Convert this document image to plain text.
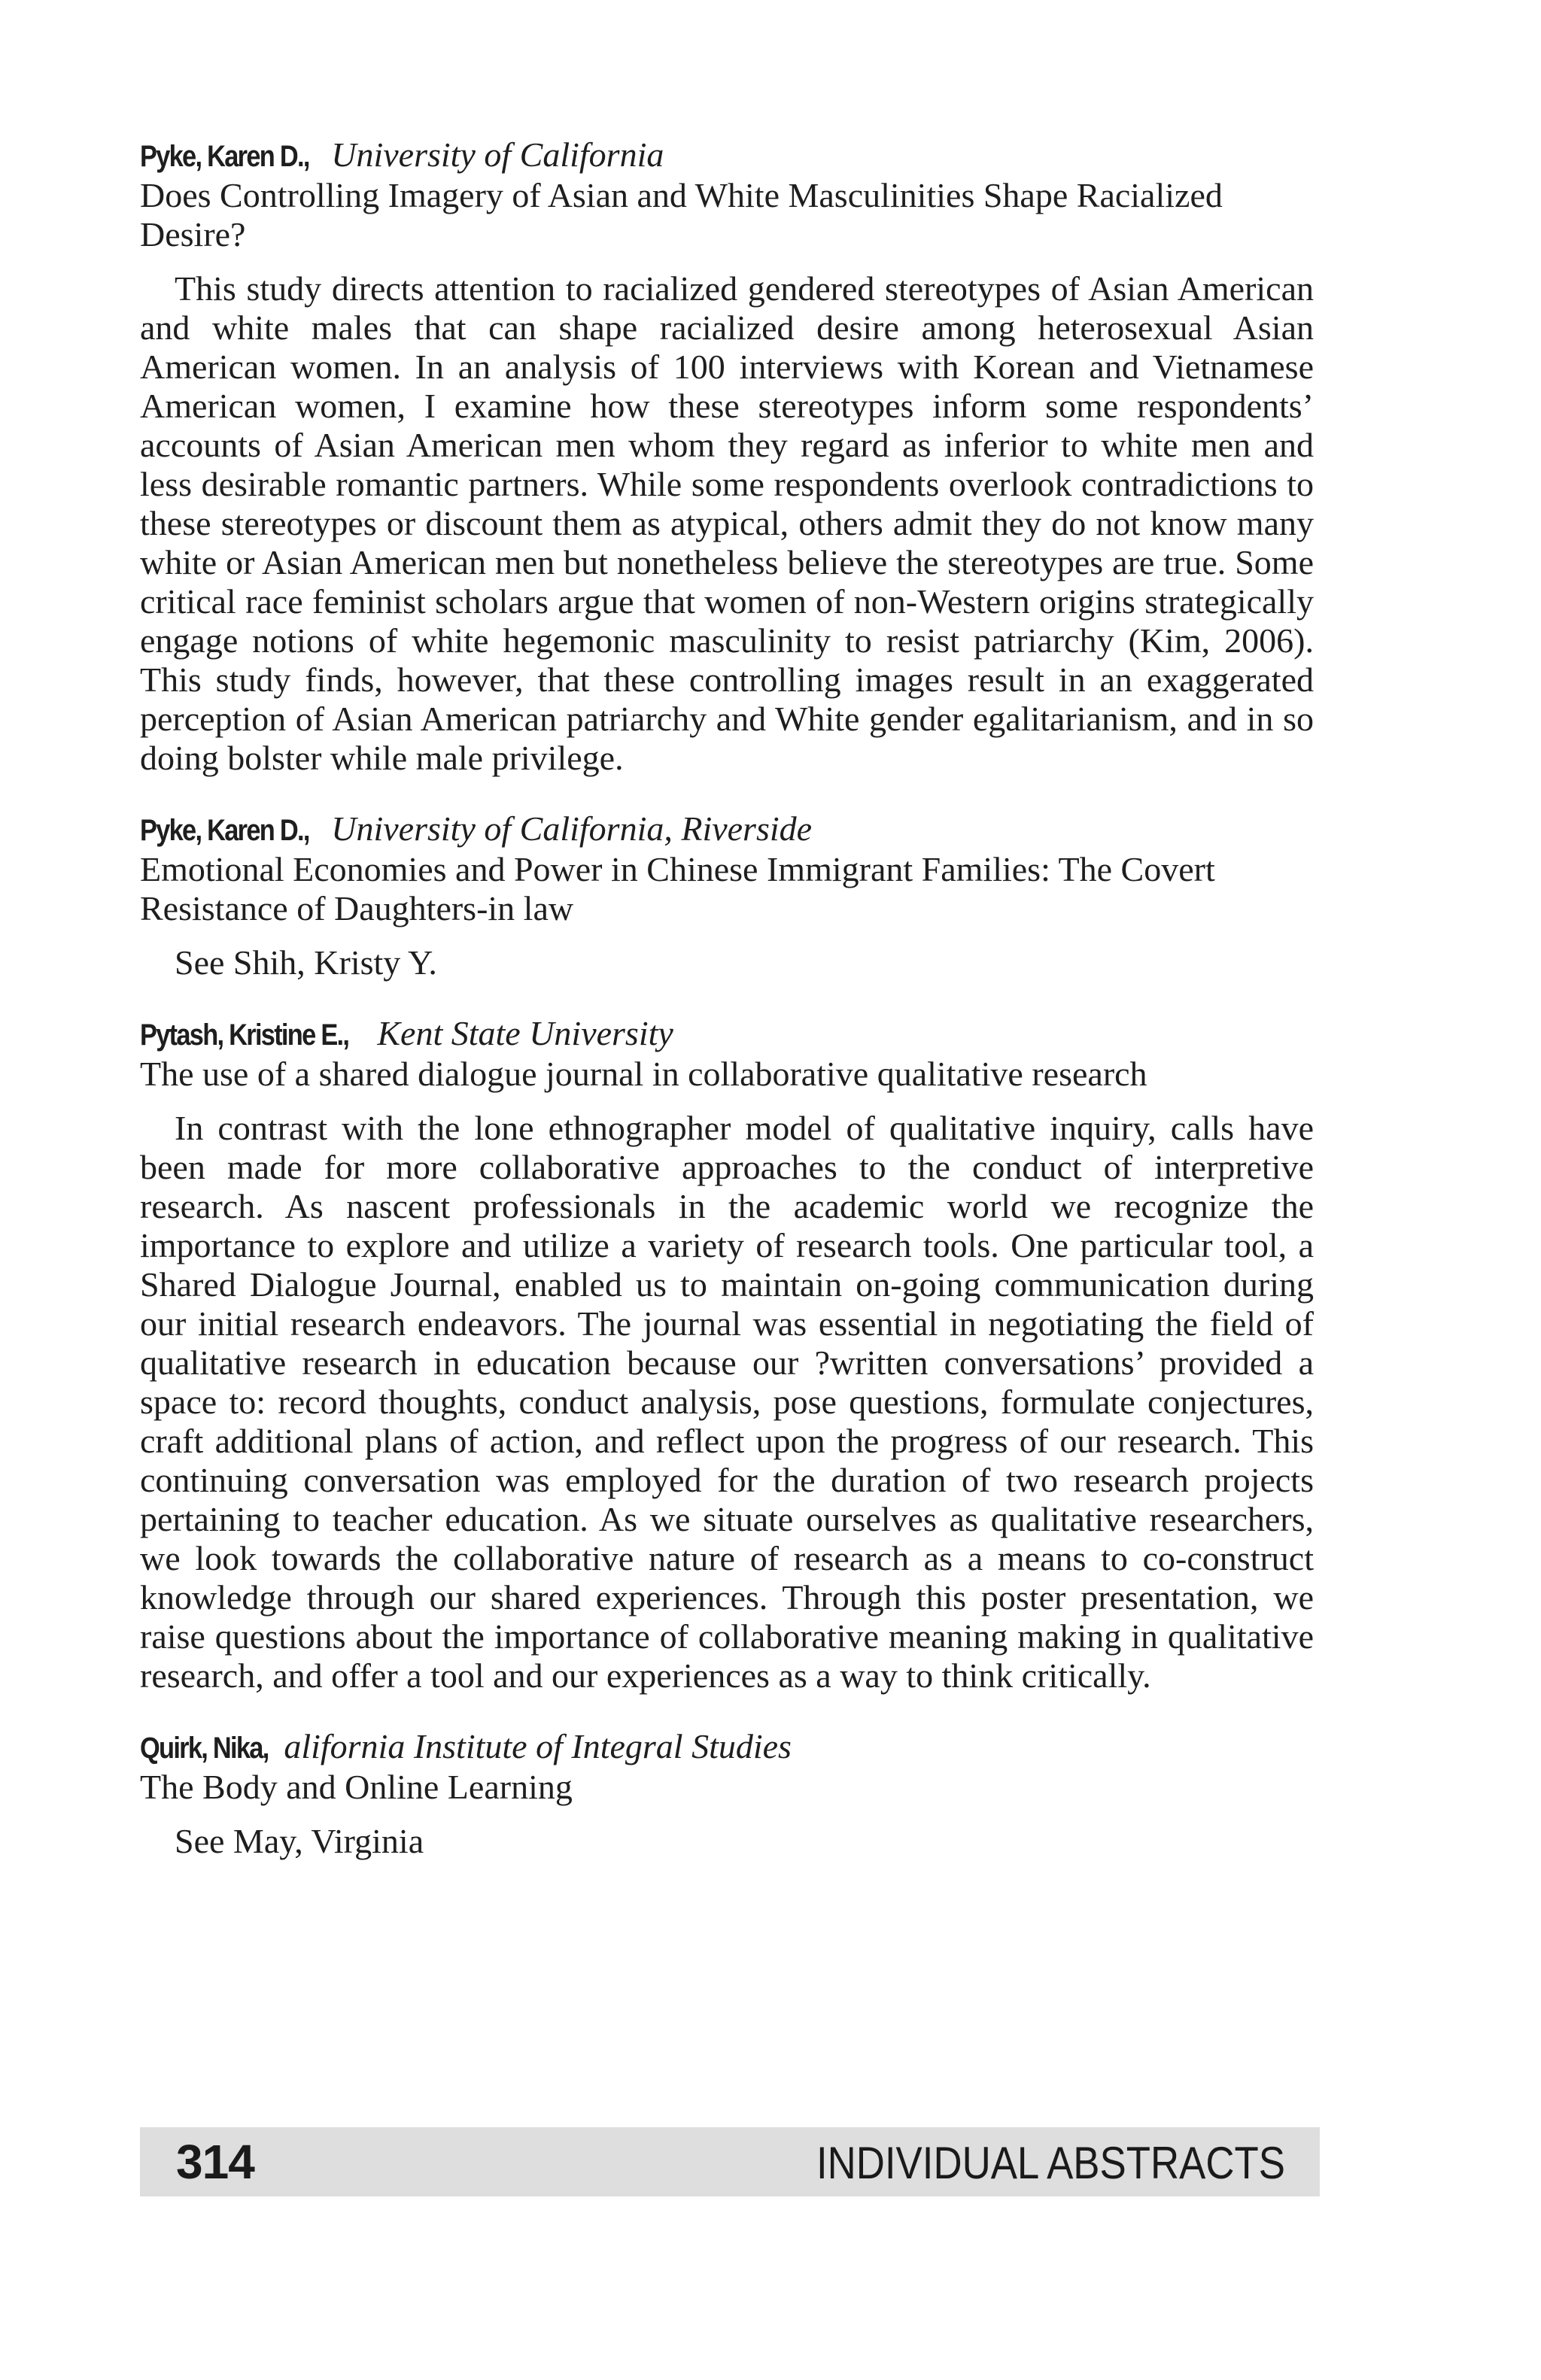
Pyke, Karen D., University of California

Does Controlling Imagery of Asian and White Masculinities Shape Racialized Desire?

This study directs attention to racialized gendered stereotypes of Asian American and white males that can shape racialized desire among heterosexual Asian American women. In an analysis of 100 interviews with Korean and Vietnamese American women, I examine how these stereotypes inform some respondents’ accounts of Asian American men whom they regard as inferior to white men and less desirable romantic partners. While some respondents overlook contradictions to these stereotypes or discount them as atypical, others admit they do not know many white or Asian American men but nonetheless believe the stereotypes are true. Some critical race feminist scholars argue that women of non-Western origins strategically engage notions of white hegemonic masculinity to resist patriarchy (Kim, 2006). This study finds, however, that these controlling images result in an exaggerated perception of Asian American patriarchy and White gender egalitarianism, and in so doing bolster while male privilege.

Pyke, Karen D., University of California, Riverside

Emotional Economies and Power in Chinese Immigrant Families: The Covert Resistance of Daughters-in law

See Shih, Kristy Y.

Pytash, Kristine E., Kent State University

The use of a shared dialogue journal in collaborative qualitative research

In contrast with the lone ethnographer model of qualitative inquiry, calls have been made for more collaborative approaches to the conduct of interpretive research. As nascent professionals in the academic world we recognize the importance to explore and utilize a variety of research tools. One particular tool, a Shared Dialogue Journal, enabled us to maintain on-going communication during our initial research endeavors. The journal was essential in negotiating the field of qualitative research in education because our ?written conversations’ provided a space to: record thoughts, conduct analysis, pose questions, formulate conjectures, craft additional plans of action, and reflect upon the progress of our research. This continuing conversation was employed for the duration of two research projects pertaining to teacher education. As we situate ourselves as qualitative researchers, we look towards the collaborative nature of research as a means to co-construct knowledge through our shared experiences. Through this poster presentation, we raise questions about the importance of collaborative meaning making in qualitative research, and offer a tool and our experiences as a way to think critically.

Quirk, Nika, alifornia Institute of Integral Studies

The Body and Online Learning

See May, Virginia

314	INDIVIDUAL ABSTRACTS
